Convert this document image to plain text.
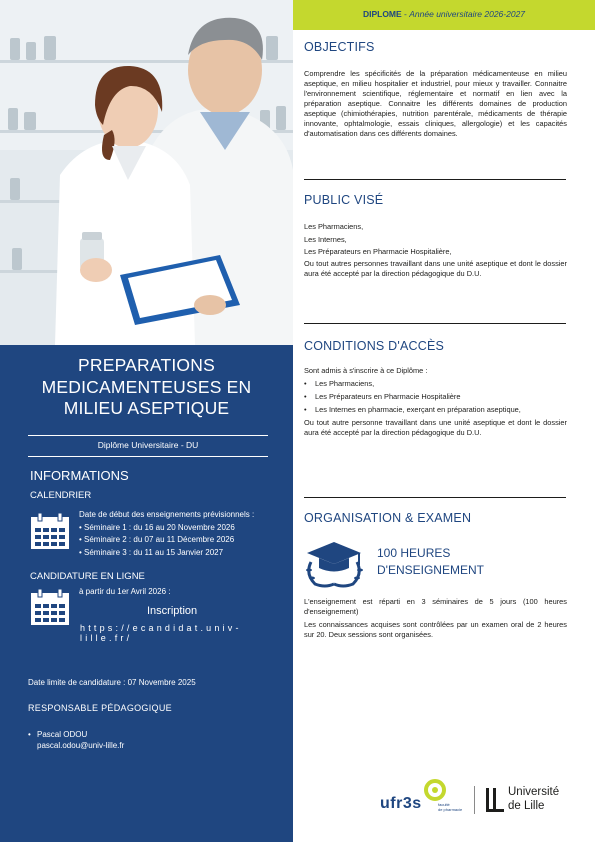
PREPARATIONS
MEDICAMENTEUSES EN
MILIEU ASEPTIQUE
Diplôme Universitaire - DU
INFORMATIONS
CALENDRIER
Date de début des enseignements prévisionnels :
• Séminaire 1 : du 16 au 20 Novembre 2026
• Séminaire 2 : du 07 au 11 Décembre 2026
• Séminaire 3 : du 11 au 15 Janvier 2027
CANDIDATURE EN LIGNE
à partir du 1er Avril 2026 :
Inscription
https://ecandidat.univ-lille.fr/
Date limite de candidature : 07 Novembre 2025
RESPONSABLE PÉDAGOGIQUE
• Pascal ODOU
pascal.odou@univ-lille.fr
DIPLOME - Année universitaire 2026-2027
OBJECTIFS
Comprendre les spécificités de la préparation médicamenteuse en milieu aseptique, en milieu hospitalier et industriel, pour mieux y travailler. Connaitre l'environnement scientifique, réglementaire et normatif en lien avec la préparation aseptique. Connaitre les différents domaines de production aseptique (chimiothérapies, nutrition parentérale, médicaments de thérapie innovante, ophtalmologie, essais cliniques, allergologie) et les capacités d'automatisation dans ces différents domaines.
PUBLIC VISÉ
Les Pharmaciens,
Les Internes,
Les Préparateurs en Pharmacie Hospitalière,
Ou tout autres personnes travaillant dans une unité aseptique et dont le dossier aura été accepté par la direction pédagogique du D.U.
CONDITIONS D'ACCÈS

Sont admis à s'inscrire à ce Diplôme :

• Les Pharmaciens,
• Les Préparateurs en Pharmacie Hospitalière
• Les Internes en pharmacie, exerçant en préparation aseptique,

Ou tout autre personne travaillant dans une unité aseptique et dont le dossier aura été accepté par la direction pédagogique du D.U.

ORGANISATION & EXAMEN
100 HEURES
D'ENSEIGNEMENT

L'enseignement est réparti en 3 séminaires de 5 jours (100 heures d'enseignement)

Les connaissances acquises sont contrôlées par un examen oral de 2 heures sur 20. Deux sessions sont organisées.

ufr3s	faculté
de pharmacie
Université
de Lille
